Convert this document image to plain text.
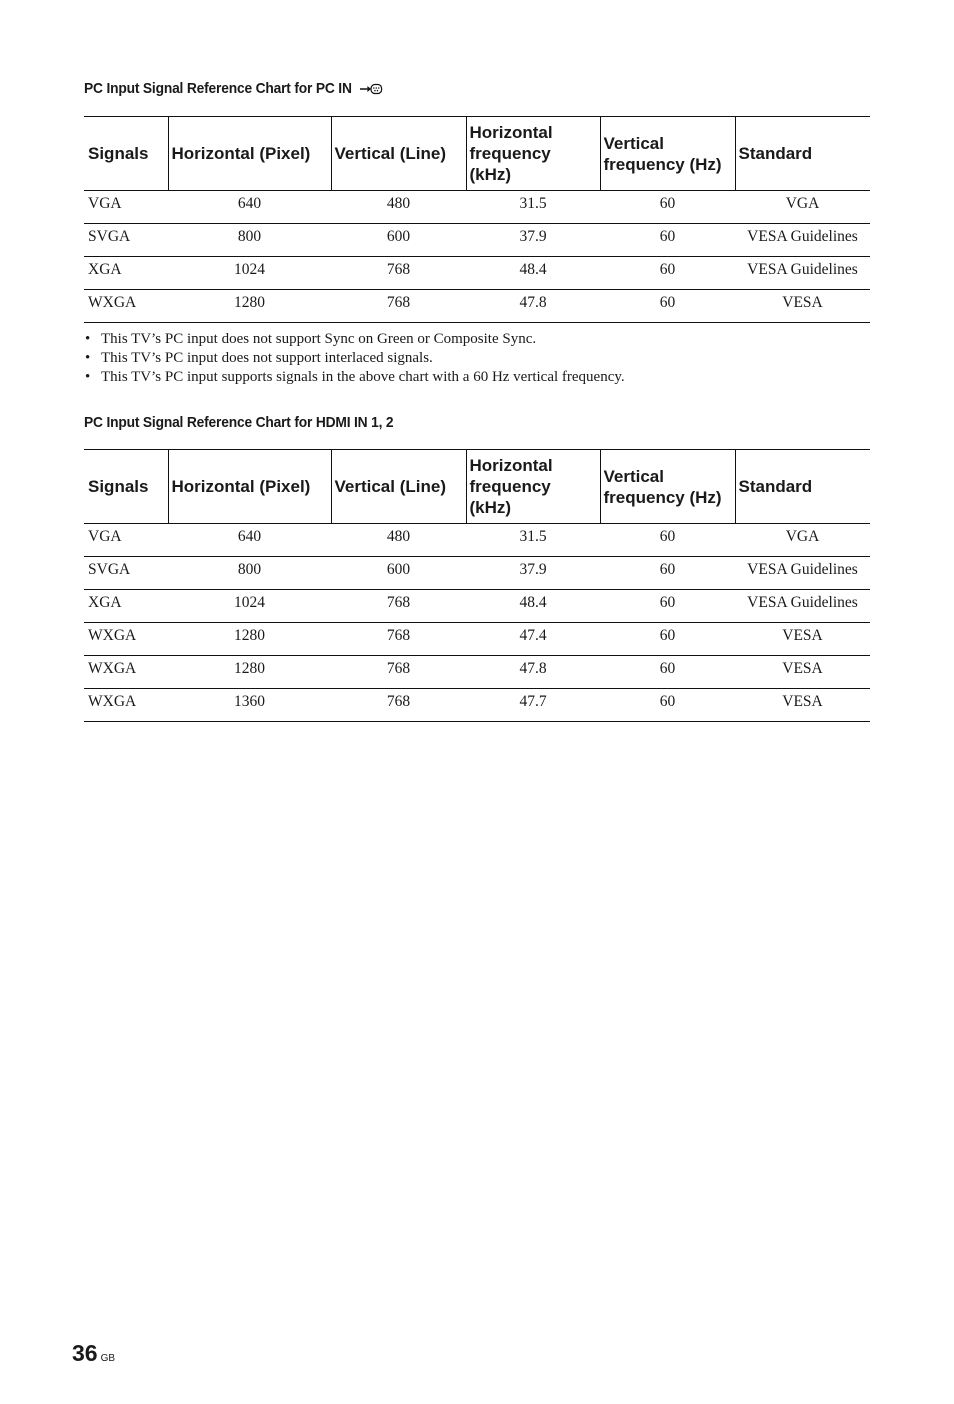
PC Input Signal Reference Chart for PC IN
Signals	Horizontal (Pixel)	Vertical (Line)	Horizontal frequency (kHz)	Vertical frequency (Hz)	Standard
VGA	640	480	31.5	60	VGA
SVGA	800	600	37.9	60	VESA Guidelines
XGA	1024	768	48.4	60	VESA Guidelines
WXGA	1280	768	47.8	60	VESA
• This TV’s PC input does not support Sync on Green or Composite Sync.
• This TV’s PC input does not support interlaced signals.
• This TV’s PC input supports signals in the above chart with a 60 Hz vertical frequency.
PC Input Signal Reference Chart for HDMI IN 1, 2
Signals	Horizontal (Pixel)	Vertical (Line)	Horizontal frequency (kHz)	Vertical frequency (Hz)	Standard
VGA	640	480	31.5	60	VGA
SVGA	800	600	37.9	60	VESA Guidelines
XGA	1024	768	48.4	60	VESA Guidelines
WXGA	1280	768	47.4	60	VESA
WXGA	1280	768	47.8	60	VESA
WXGA	1360	768	47.7	60	VESA
36 GB
